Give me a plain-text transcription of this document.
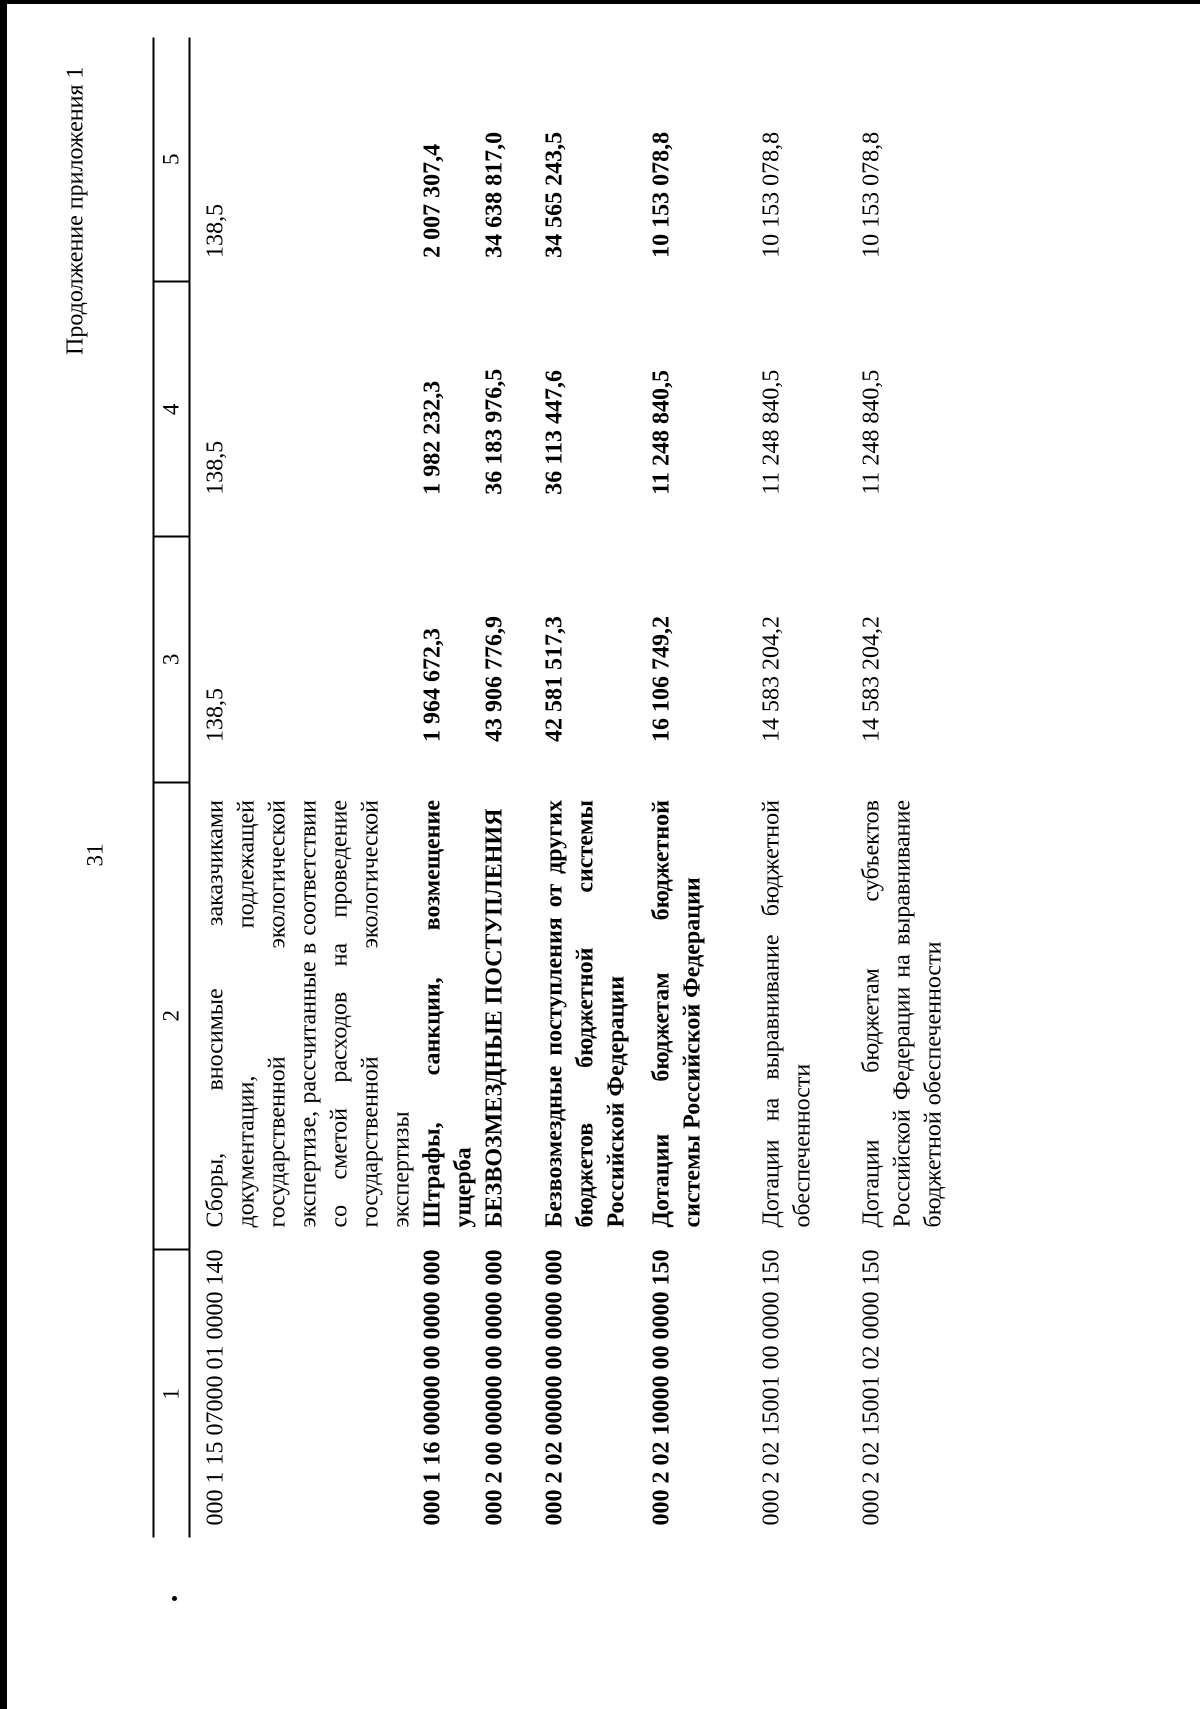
31
Продолжение приложения 1
1	2	3	4	5
000 1 15 07000 01 0000 140	Сборы, вносимые заказчиками документации, подлежащей государственной экологической экспертизе, рассчитанные в соответствии со сметой расходов на проведение государственной экологической экспертизы	138,5	138,5	138,5
000 1 16 00000 00 0000 000	Штрафы, санкции, возмещение ущерба	1 964 672,3	1 982 232,3	2 007 307,4
000 2 00 00000 00 0000 000	БЕЗВОЗМЕЗДНЫЕ ПОСТУПЛЕНИЯ	43 906 776,9	36 183 976,5	34 638 817,0
000 2 02 00000 00 0000 000	Безвозмездные поступления от других бюджетов бюджетной системы Российской Федерации	42 581 517,3	36 113 447,6	34 565 243,5
000 2 02 10000 00 0000 150	Дотации бюджетам бюджетной системы Российской Федерации	16 106 749,2	11 248 840,5	10 153 078,8
000 2 02 15001 00 0000 150	Дотации на выравнивание бюджетной обеспеченности	14 583 204,2	11 248 840,5	10 153 078,8
000 2 02 15001 02 0000 150	Дотации бюджетам субъектов Российской Федерации на выравнивание бюджетной обеспеченности	14 583 204,2	11 248 840,5	10 153 078,8
